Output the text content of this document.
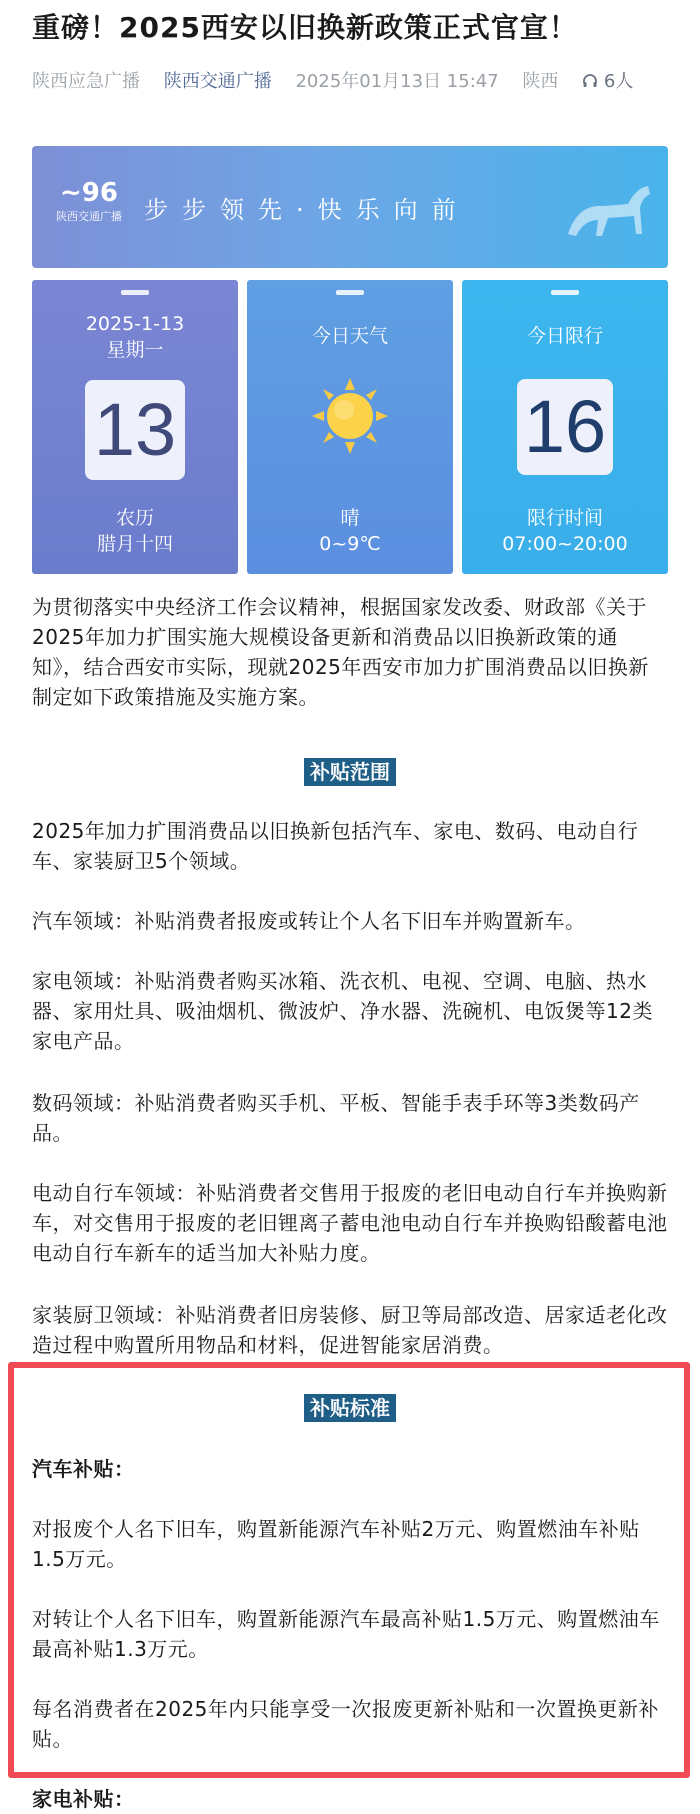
重磅！2025西安以旧换新政策正式官宣！
陕西应急广播 陕西交通广播 2025年01月13日 15:47 陕西	6人
~96
陕西交通广播 步步领先·快乐向前
2025-1-13
星期一
13
农历
腊月十四
今日天气
晴
0~9℃
今日限行
16
限行时间
07:00~20:00

为贯彻落实中央经济工作会议精神，根据国家发改委、财政部《关于2025年加力扩围实施大规模设备更新和消费品以旧换新政策的通知》，结合西安市实际，现就2025年西安市加力扩围消费品以旧换新制定如下政策措施及实施方案。

补贴范围

2025年加力扩围消费品以旧换新包括汽车、家电、数码、电动自行车、家装厨卫5个领域。

汽车领域：补贴消费者报废或转让个人名下旧车并购置新车。

家电领域：补贴消费者购买冰箱、洗衣机、电视、空调、电脑、热水器、家用灶具、吸油烟机、微波炉、净水器、洗碗机、电饭煲等12类家电产品。

数码领域：补贴消费者购买手机、平板、智能手表手环等3类数码产品。

电动自行车领域：补贴消费者交售用于报废的老旧电动自行车并换购新车，对交售用于报废的老旧锂离子蓄电池电动自行车并换购铅酸蓄电池电动自行车新车的适当加大补贴力度。

家装厨卫领域：补贴消费者旧房装修、厨卫等局部改造、居家适老化改造过程中购置所用物品和材料，促进智能家居消费。

补贴标准

汽车补贴：

对报废个人名下旧车，购置新能源汽车补贴2万元、购置燃油车补贴1.5万元。

对转让个人名下旧车，购置新能源汽车最高补贴1.5万元、购置燃油车最高补贴1.3万元。

每名消费者在2025年内只能享受一次报废更新补贴和一次置换更新补贴。

家电补贴：
